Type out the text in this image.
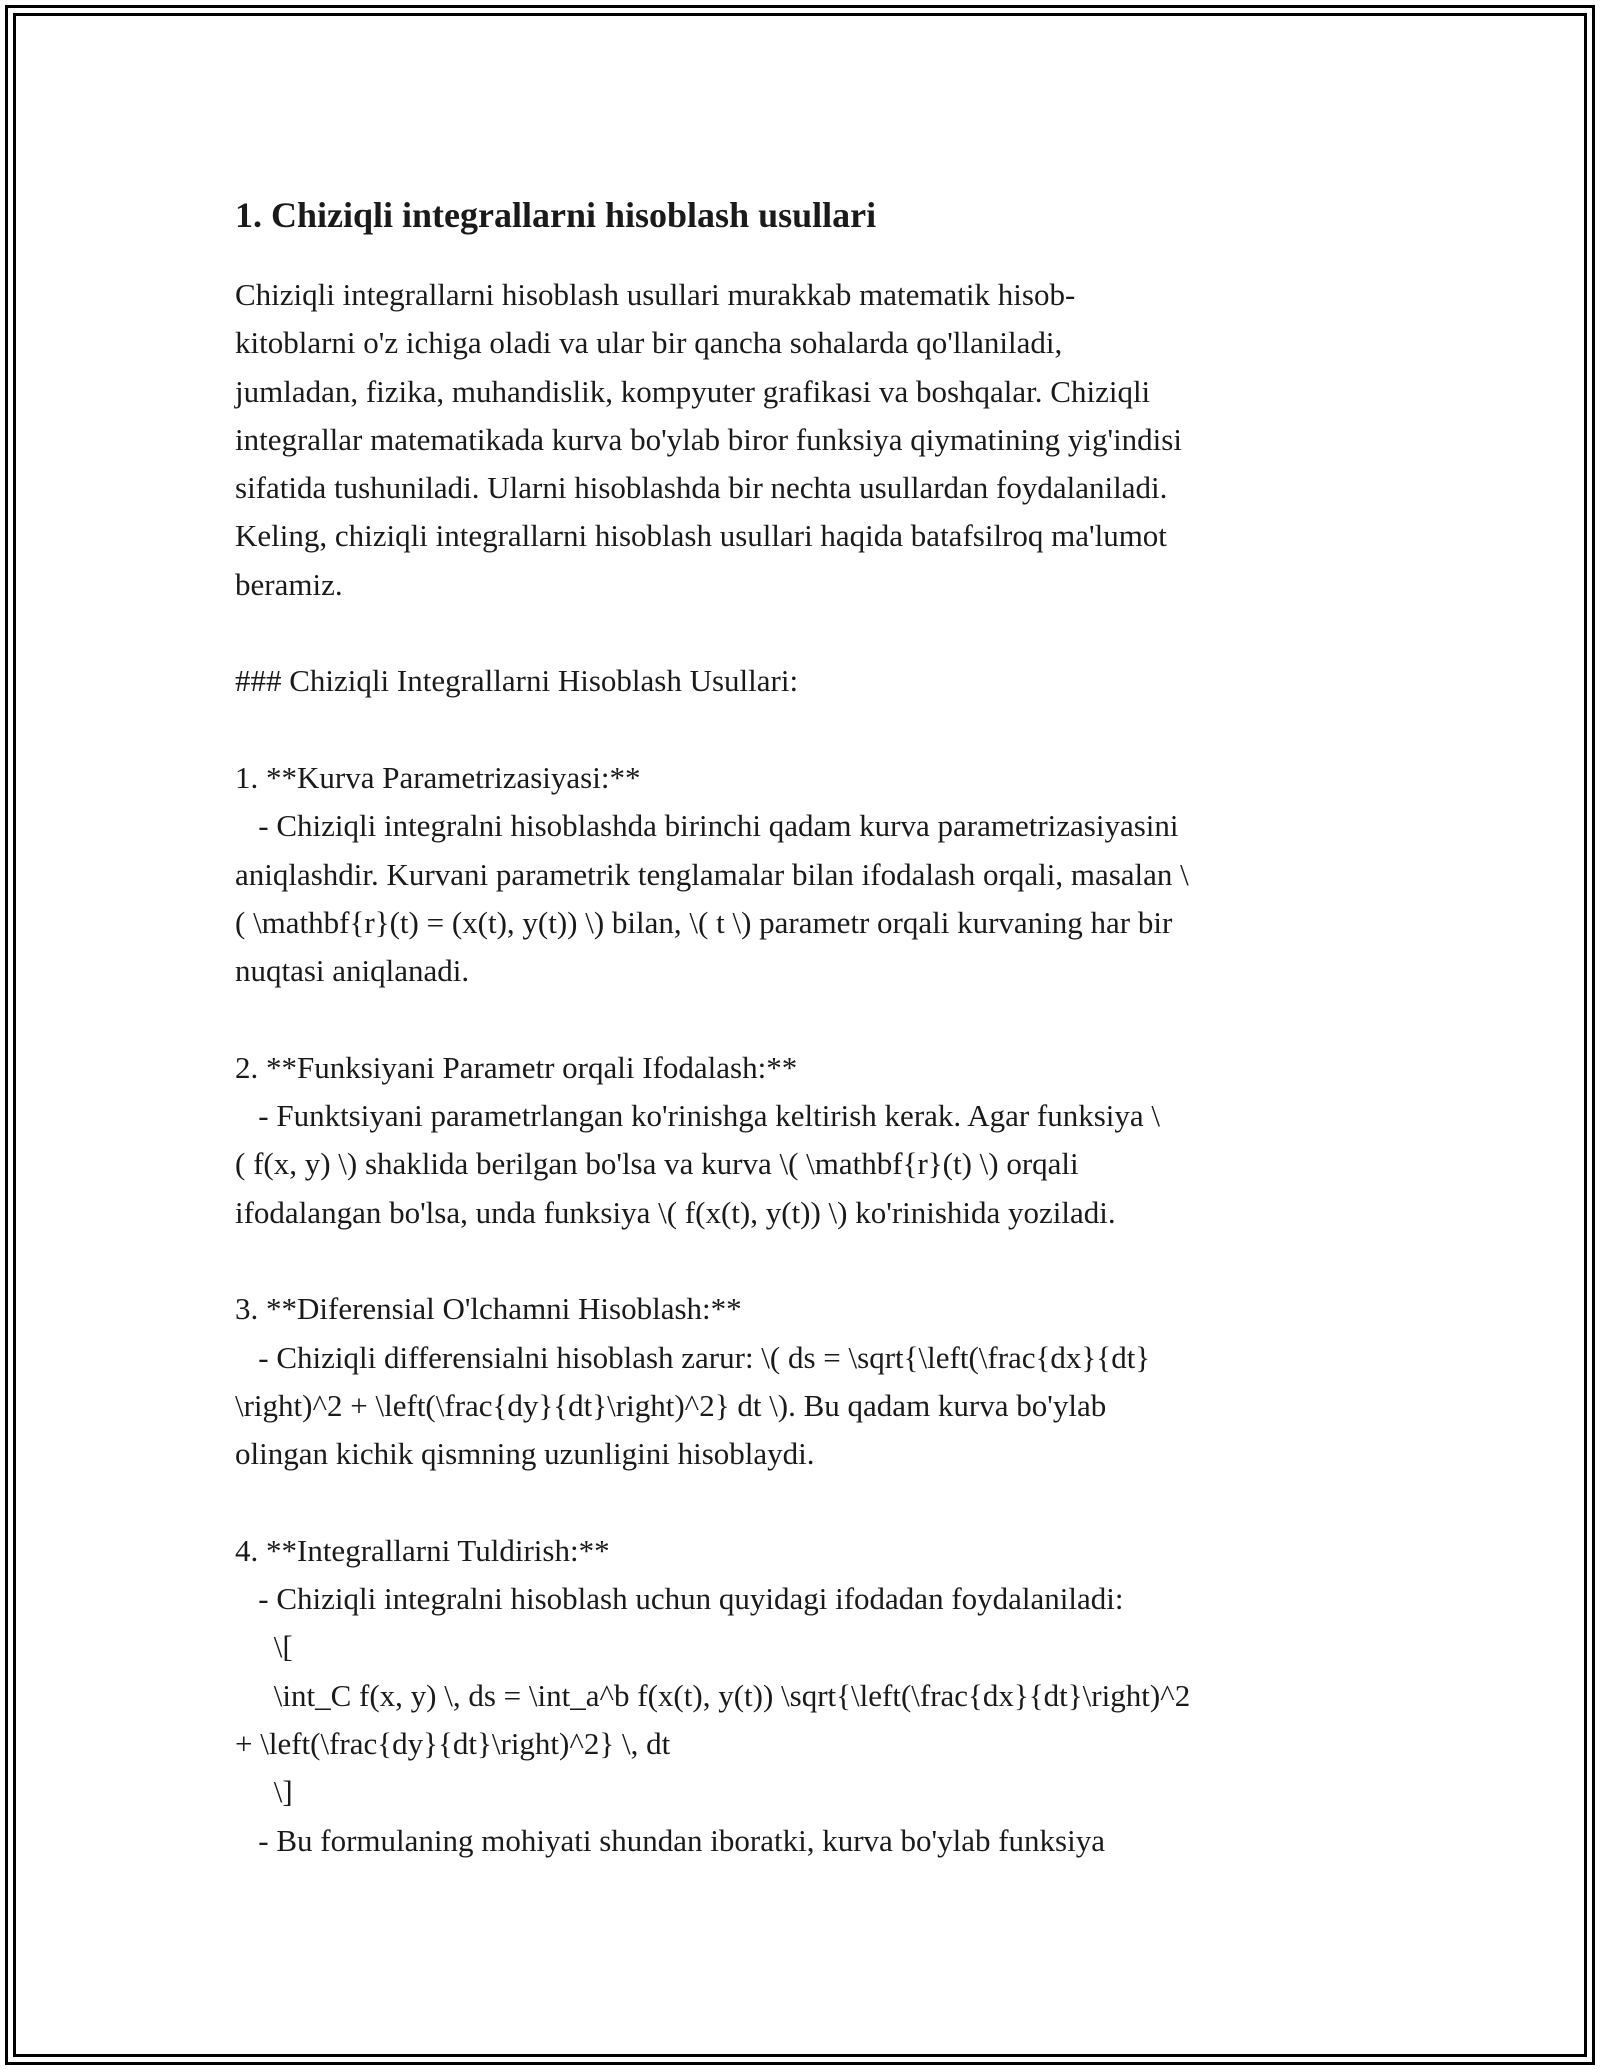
1. Chiziqli integrallarni hisoblash usullari
Chiziqli integrallarni hisoblash usullari murakkab matematik hisob-
kitoblarni o'z ichiga oladi va ular bir qancha sohalarda qo'llaniladi,
jumladan, fizika, muhandislik, kompyuter grafikasi va boshqalar. Chiziqli
integrallar matematikada kurva bo'ylab biror funksiya qiymatining yig'indisi
sifatida tushuniladi. Ularni hisoblashda bir nechta usullardan foydalaniladi.
Keling, chiziqli integrallarni hisoblash usullari haqida batafsilroq ma'lumot
beramiz.
### Chiziqli Integrallarni Hisoblash Usullari:
1. **Kurva Parametrizasiyasi:**
- Chiziqli integralni hisoblashda birinchi qadam kurva parametrizasiyasini
aniqlashdir. Kurvani parametrik tenglamalar bilan ifodalash orqali, masalan \
( \mathbf{r}(t) = (x(t), y(t)) \) bilan, \( t \) parametr orqali kurvaning har bir
nuqtasi aniqlanadi.
2. **Funksiyani Parametr orqali Ifodalash:**
- Funktsiyani parametrlangan ko'rinishga keltirish kerak. Agar funksiya \
( f(x, y) \) shaklida berilgan bo'lsa va kurva \( \mathbf{r}(t) \) orqali
ifodalangan bo'lsa, unda funksiya \( f(x(t), y(t)) \) ko'rinishida yoziladi.
3. **Diferensial O'lchamni Hisoblash:**
- Chiziqli differensialni hisoblash zarur: \( ds = \sqrt{\left(\frac{dx}{dt}
\right)^2 + \left(\frac{dy}{dt}\right)^2} dt \). Bu qadam kurva bo'ylab
olingan kichik qismning uzunligini hisoblaydi.
4. **Integrallarni Tuldirish:**
- Chiziqli integralni hisoblash uchun quyidagi ifodadan foydalaniladi:
\[
\int_C f(x, y) \, ds = \int_a^b f(x(t), y(t)) \sqrt{\left(\frac{dx}{dt}\right)^2
+ \left(\frac{dy}{dt}\right)^2} \, dt
\]
- Bu formulaning mohiyati shundan iboratki, kurva bo'ylab funksiya
